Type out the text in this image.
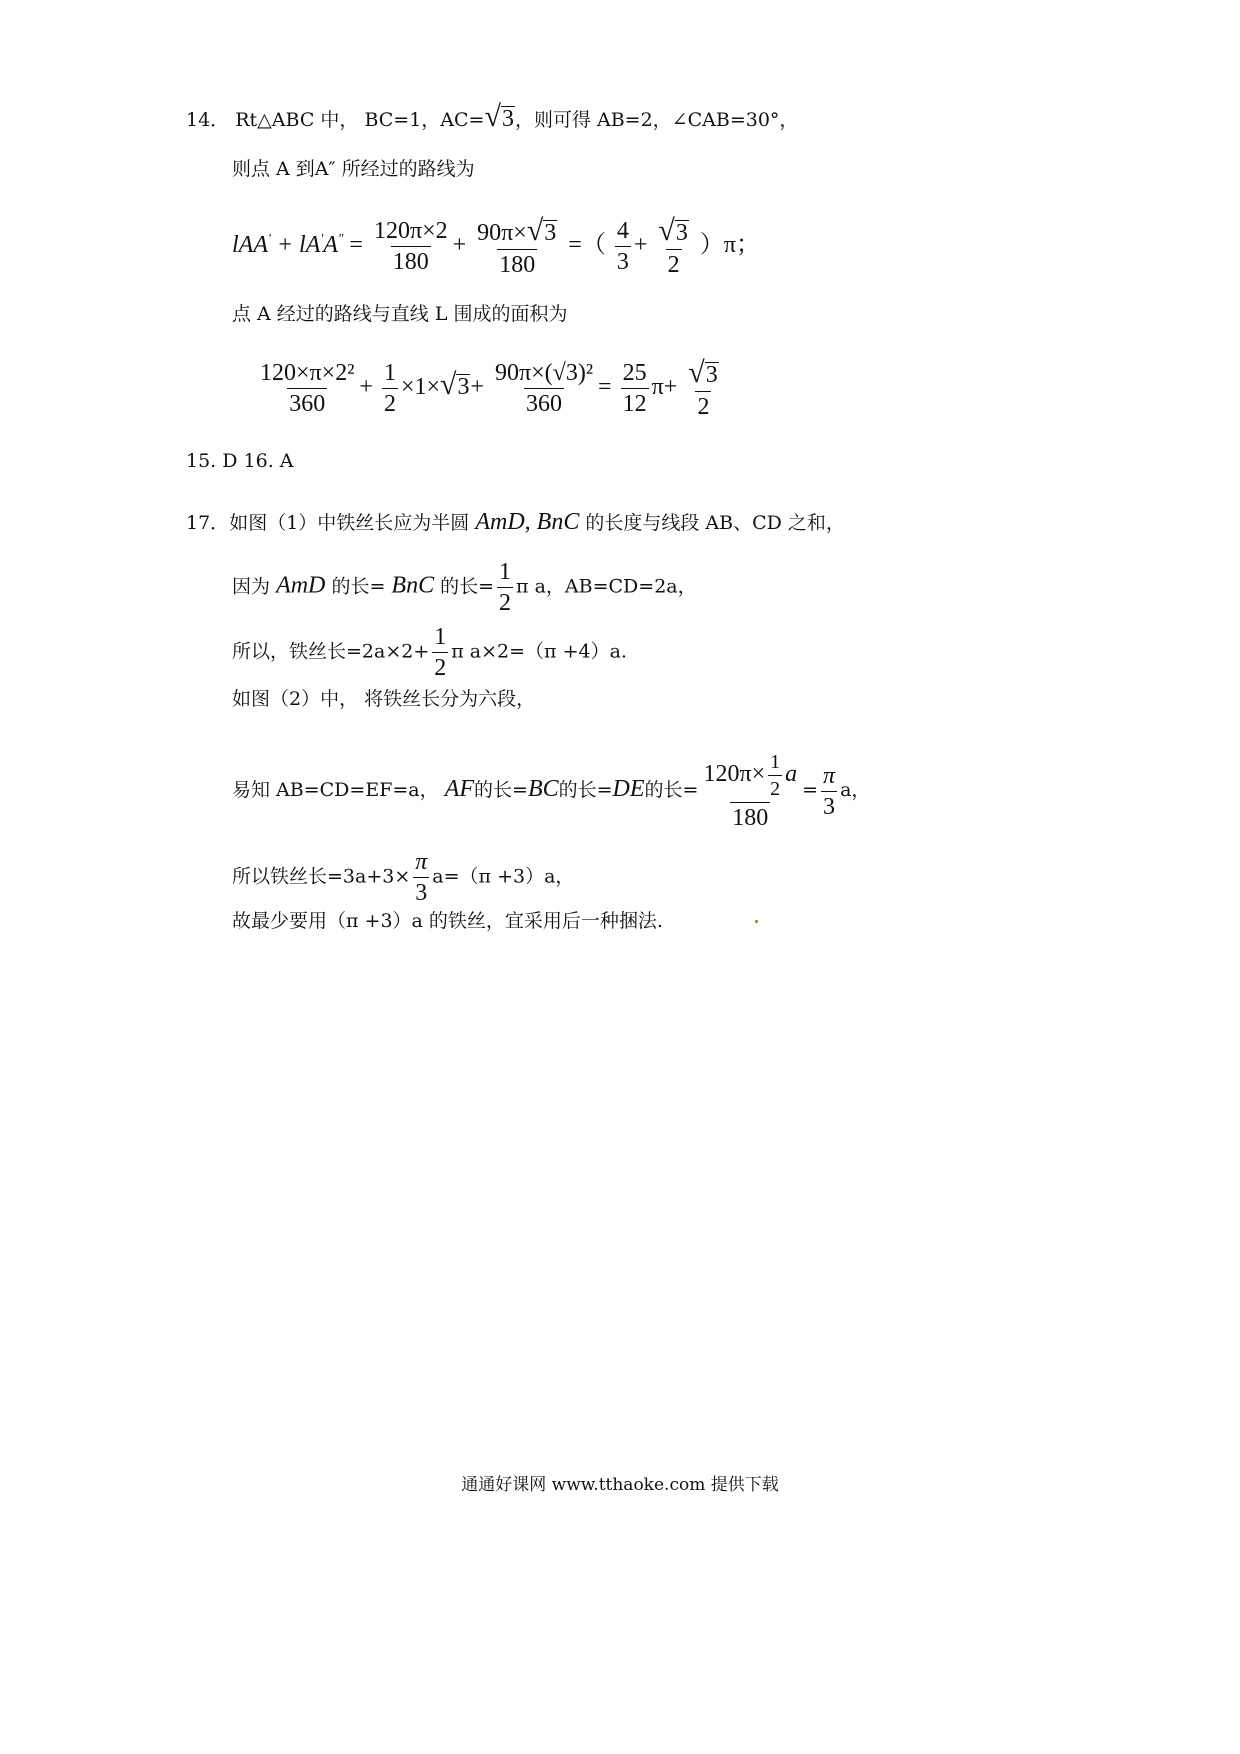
14． Rt△ABC 中， BC=1，AC= √ 3 ，则可得 AB=2，∠CAB=30°，
则点 A 到A″ 所经过的路线为
$lAA' + lA'A^" = \frac{120\pi\times 2}{180} + \frac{90\pi\times √ 3}{180}$ =（ $\frac{4}{3} + \frac{√ 3}{2} )\pi$；
点 A 经过的路线与直线 L 围成的面积为
$\frac{\text{120×π×2²}}{360} + \frac{1}{2} \times 1\times$ √ $3 + \frac{\text{90π×(√3)²}}{360} = \frac{25}{12} \pi+ \frac{√ 3}{2}$
15. D 16. A
17．如图（1）中铁丝长应为半圆 AmD, BnC 的长度与线段 AB、CD 之和，
因为 AmD 的长= BnC 的长= $\frac{1}{2}$ π a，AB=CD=2a，
所以，铁丝长$=2a\times 2+ \frac{1}{2}$ π a×2=（π +4）a.
如图（2）中， 将铁丝长分为六段，
易知 AB=CD=EF=a， AF的长=BC的长=DE的长= $\frac{120\pi\times \frac{1}{2} a}{180} = \frac{\pi}{3}$ a，
所以铁丝长$=3a+3\times \frac{\pi}{3} a=(\pi +3)a$，
故最少要用（π +3）a 的铁丝，宜采用后一种捆法.
通通好课网 www.tthaoke.com 提供下载
